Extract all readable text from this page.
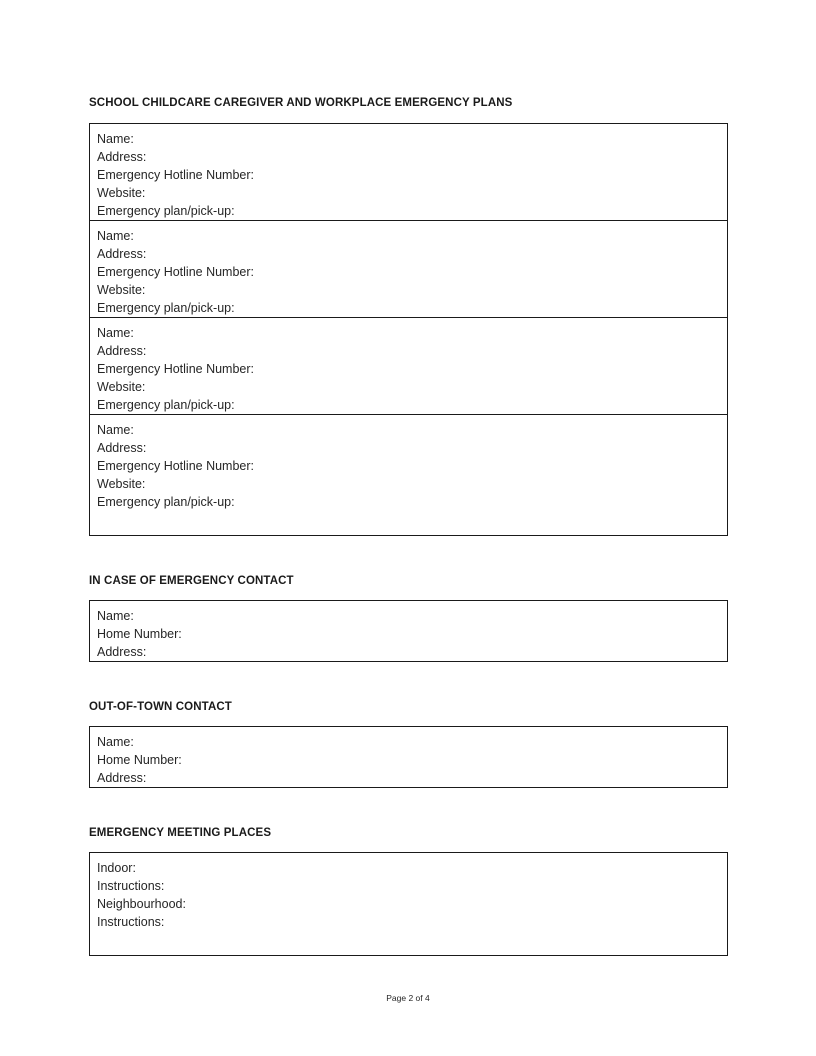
SCHOOL CHILDCARE CAREGIVER AND WORKPLACE EMERGENCY PLANS
Name:
Address:
Emergency Hotline Number:
Website:
Emergency plan/pick-up:

Name:
Address:
Emergency Hotline Number:
Website:
Emergency plan/pick-up:

Name:
Address:
Emergency Hotline Number:
Website:
Emergency plan/pick-up:

Name:
Address:
Emergency Hotline Number:
Website:
Emergency plan/pick-up:
IN CASE OF EMERGENCY CONTACT
Name:
Home Number:
Address:
OUT-OF-TOWN CONTACT
Name:
Home Number:
Address:
EMERGENCY MEETING PLACES
Indoor:
Instructions:
Neighbourhood:
Instructions:
Page 2 of 4
